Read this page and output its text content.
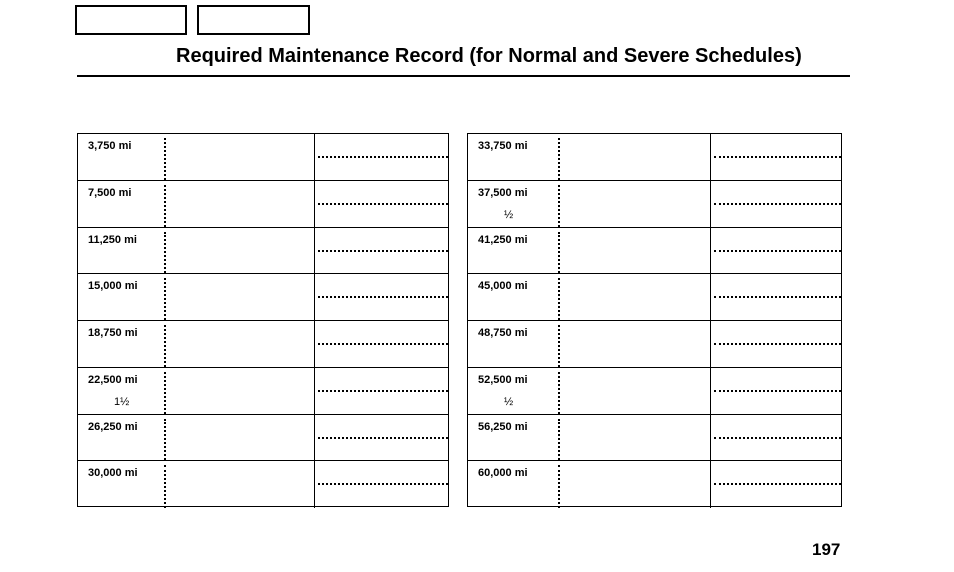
Required Maintenance Record (for Normal and Severe Schedules)
3,750 mi
7,500 mi
11,250 mi
15,000 mi
18,750 mi
22,500 mi
1½
26,250 mi
30,000 mi
33,750 mi
37,500 mi
½
41,250 mi
45,000 mi
48,750 mi
52,500 mi
½
56,250 mi
60,000 mi
197
